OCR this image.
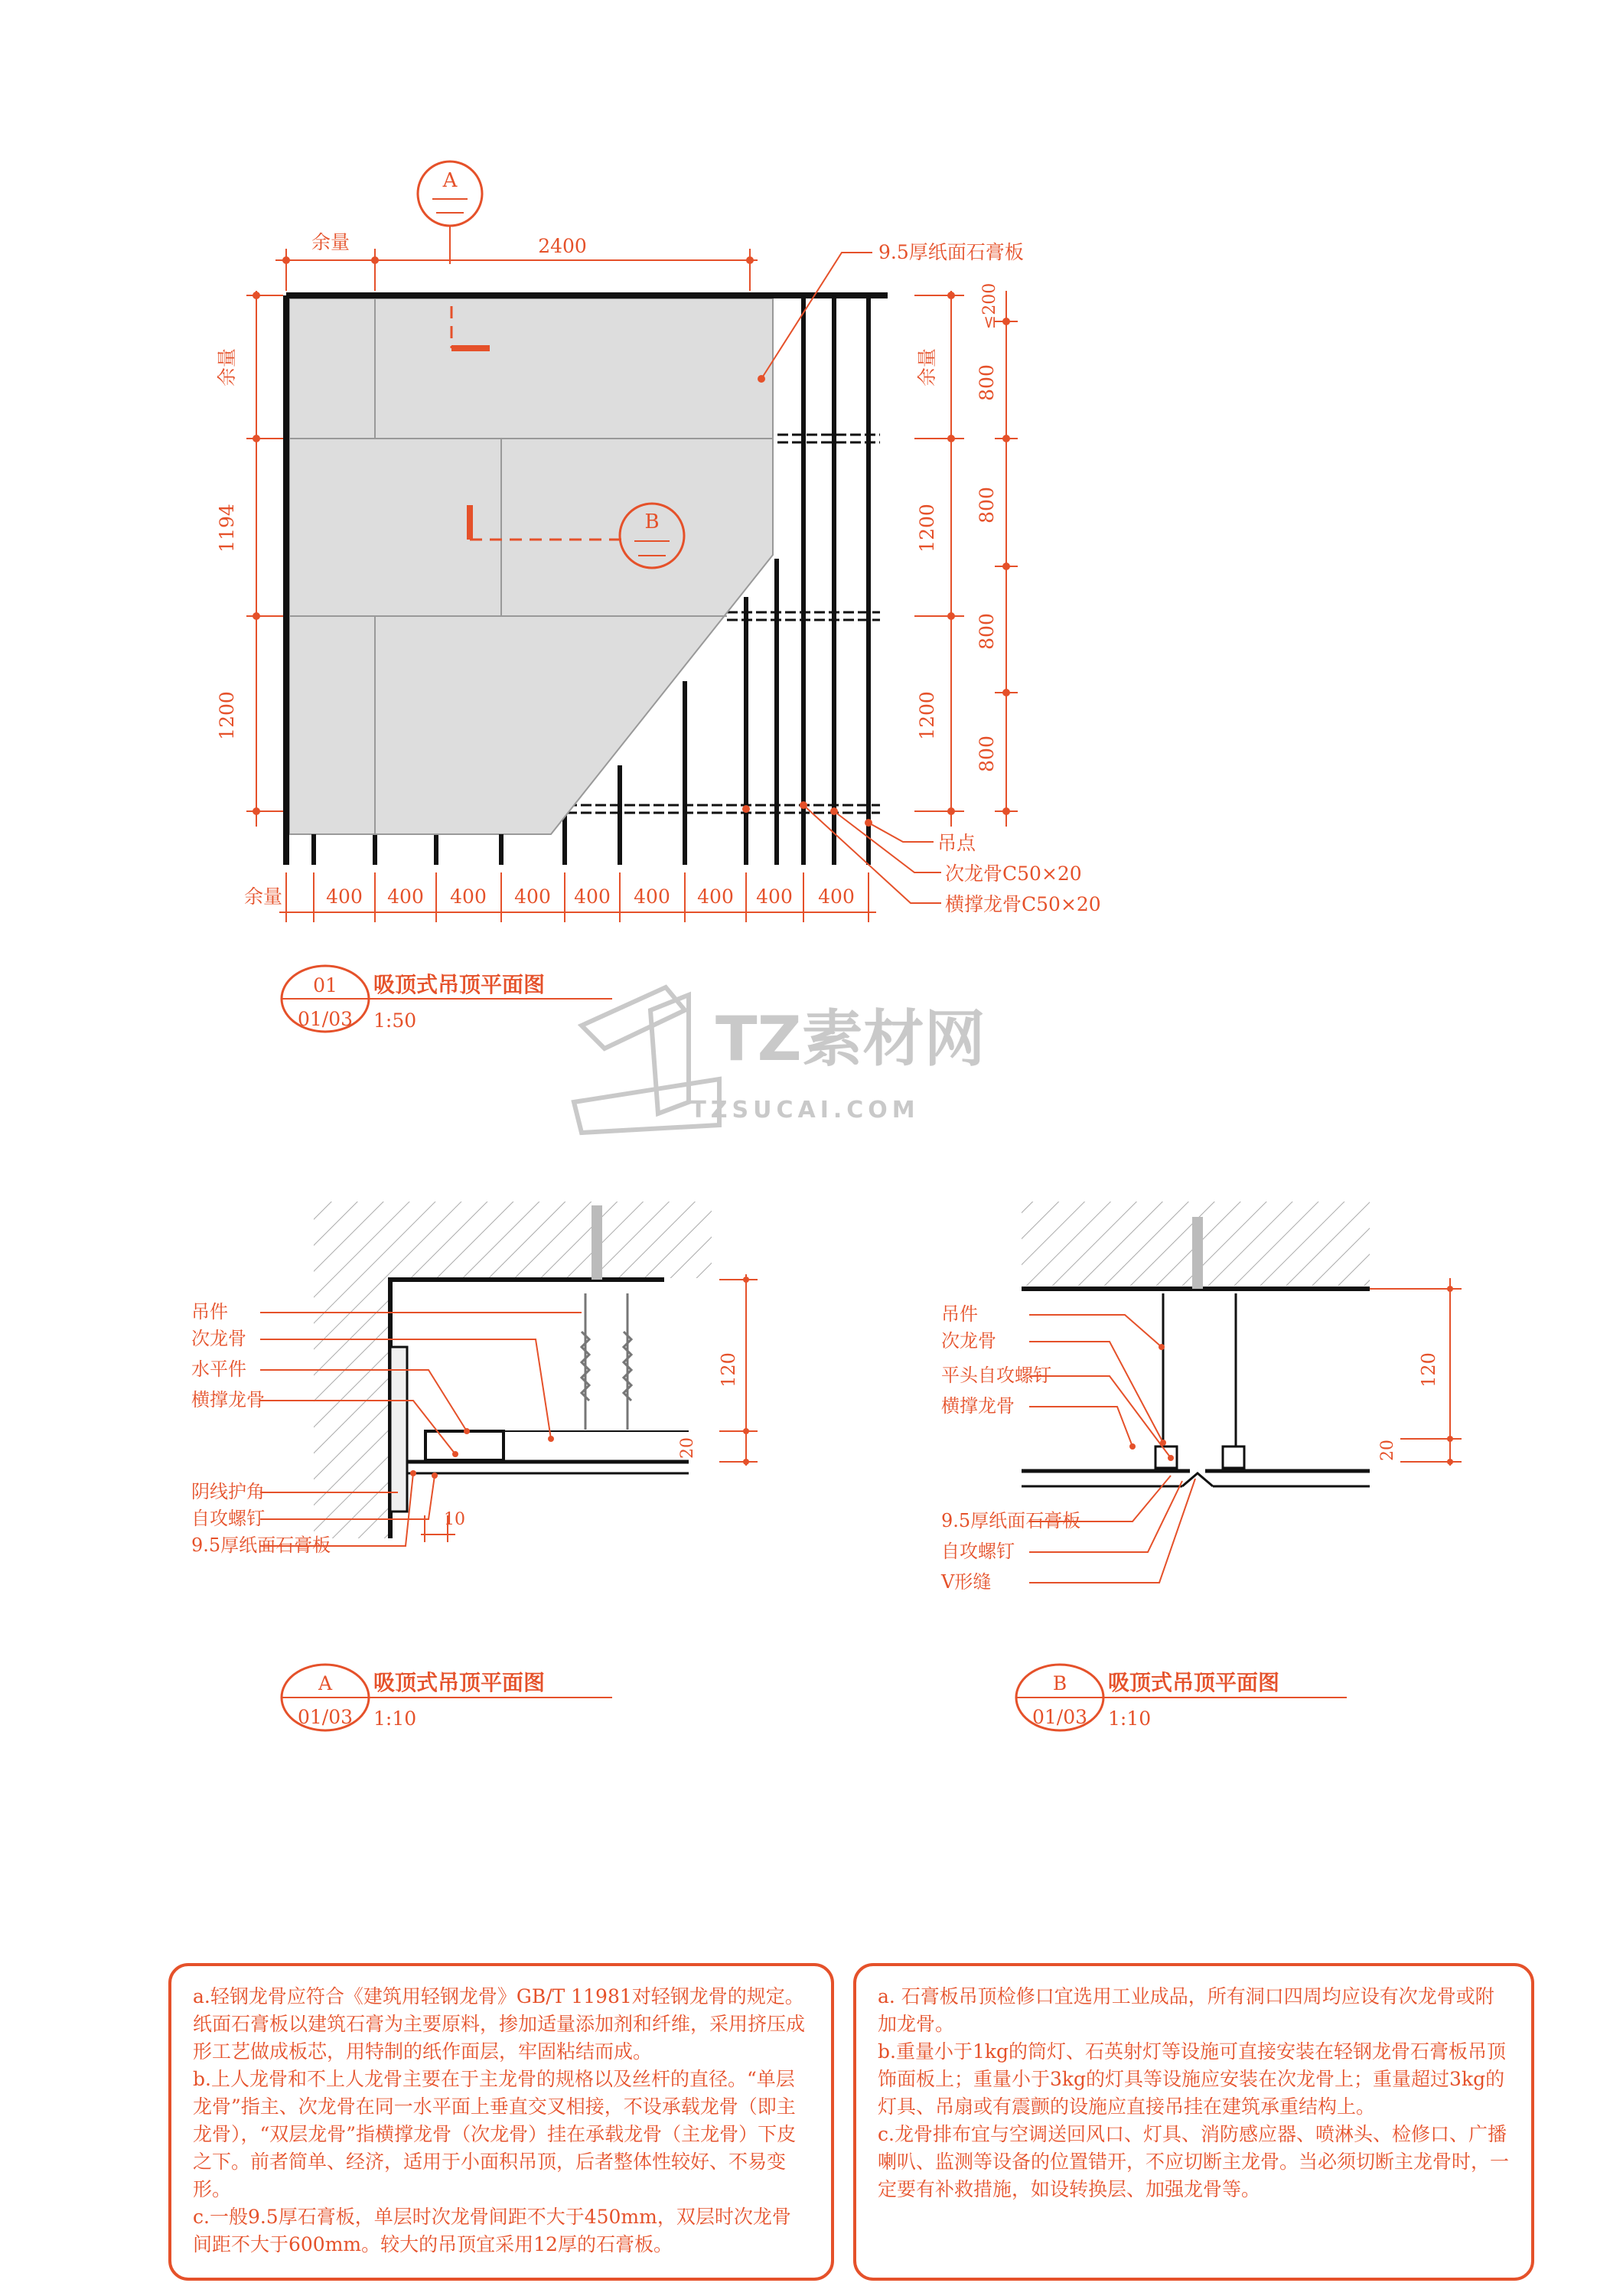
A
B
余量	2400
余量
1194
1200
余量 400 400 400 400 400 400 400 400 400
余量
1200
1200
≤200
800
800
800
800
9.5厚纸面石膏板
吊点
次龙骨C50×20
横撑龙骨C50×20
01
01/03
吸顶式吊顶平面图
1:50	TZ素材网
TZSUCAI.COM
吊件
次龙骨
水平件
横撑龙骨
阴线护角
自攻螺钉
9.5厚纸面石膏板
120
20
10
A
01/03
吸顶式吊顶平面图
1:10
吊件
次龙骨
平头自攻螺钉
横撑龙骨
9.5厚纸面石膏板
自攻螺钉
V形缝
120
20
B
01/03
吸顶式吊顶平面图
1:10

a.轻钢龙骨应符合《建筑用轻钢龙骨》GB/T 11981对轻钢龙骨的规定。纸面石膏板以建筑石膏为主要原料，掺加适量添加剂和纤维，采用挤压成形工艺做成板芯，用特制的纸作面层，牢固粘结而成。

b.上人龙骨和不上人龙骨主要在于主龙骨的规格以及丝杆的直径。“单层龙骨”指主、次龙骨在同一水平面上垂直交叉相接，不设承载龙骨（即主龙骨），“双层龙骨”指横撑龙骨（次龙骨）挂在承载龙骨（主龙骨）下皮之下。前者简单、经济，适用于小面积吊顶，后者整体性较好、不易变形。

c.一般9.5厚石膏板，单层时次龙骨间距不大于450mm，双层时次龙骨间距不大于600mm。较大的吊顶宜采用12厚的石膏板。

a. 石膏板吊顶检修口宜选用工业成品，所有洞口四周均应设有次龙骨或附加龙骨。

b.重量小于1kg的筒灯、石英射灯等设施可直接安装在轻钢龙骨石膏板吊顶饰面板上；重量小于3kg的灯具等设施应安装在次龙骨上；重量超过3kg的灯具、吊扇或有震颤的设施应直接吊挂在建筑承重结构上。

c.龙骨排布宜与空调送回风口、灯具、消防感应器、喷淋头、检修口、广播喇叭、监测等设备的位置错开，不应切断主龙骨。当必须切断主龙骨时，一定要有补救措施，如设转换层、加强龙骨等。
